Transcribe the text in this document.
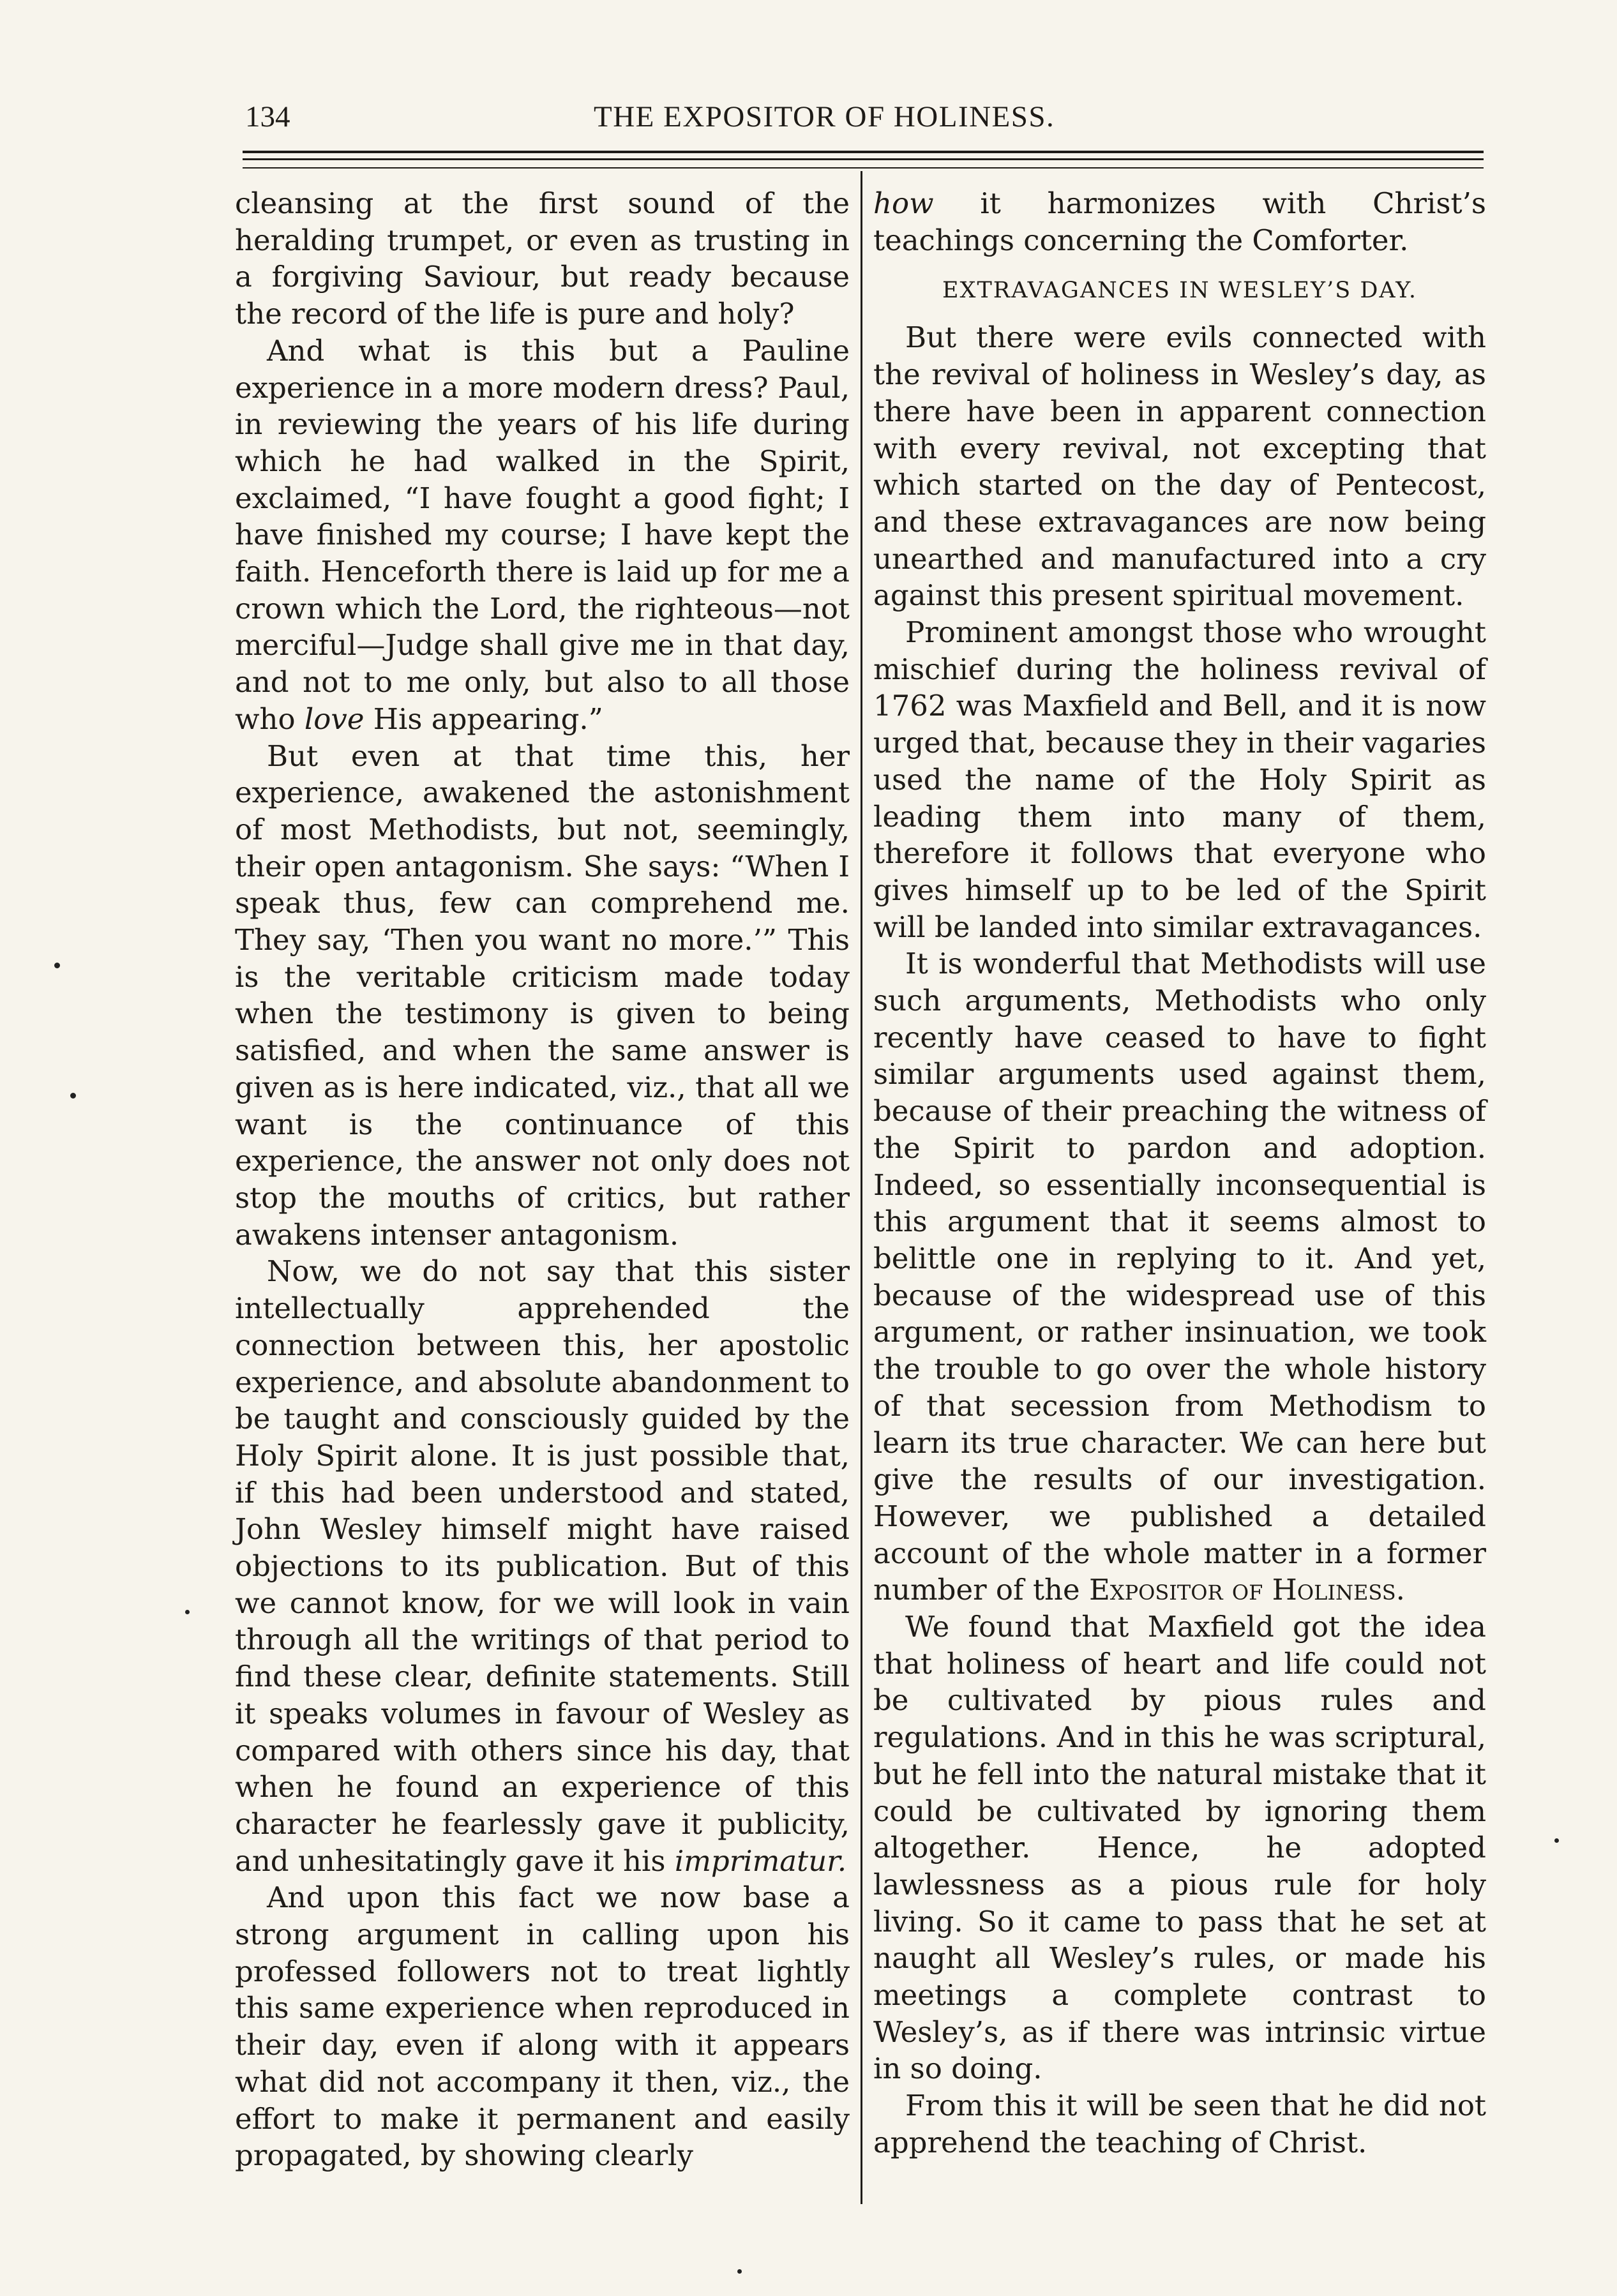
134	THE EXPOSITOR OF HOLINESS.

cleansing at the first sound of the heralding trumpet, or even as trusting in a forgiving Saviour, but ready because the record of the life is pure and holy?

And what is this but a Pauline experience in a more modern dress? Paul, in reviewing the years of his life during which he had walked in the Spirit, exclaimed, “I have fought a good fight; I have finished my course; I have kept the faith. Henceforth there is laid up for me a crown which the Lord, the righteous—not merciful—Judge shall give me in that day, and not to me only, but also to all those who love His appearing.”

But even at that time this, her experience, awakened the astonishment of most Methodists, but not, seemingly, their open antagonism. She says: “When I speak thus, few can comprehend me. They say, ‘Then you want no more.’” This is the veritable criticism made today when the testimony is given to being satisfied, and when the same answer is given as is here indicated, viz., that all we want is the continuance of this experience, the answer not only does not stop the mouths of critics, but rather awakens intenser antagonism.

Now, we do not say that this sister intellectually apprehended the connection between this, her apostolic experience, and absolute abandonment to be taught and consciously guided by the Holy Spirit alone. It is just possible that, if this had been understood and stated, John Wesley himself might have raised objections to its publication. But of this we cannot know, for we will look in vain through all the writings of that period to find these clear, definite statements. Still it speaks volumes in favour of Wesley as compared with others since his day, that when he found an experience of this character he fearlessly gave it publicity, and unhesitatingly gave it his imprimatur.

And upon this fact we now base a strong argument in calling upon his professed followers not to treat lightly this same experience when reproduced in their day, even if along with it appears what did not accompany it then, viz., the effort to make it permanent and easily propagated, by showing clearly

how it harmonizes with Christ’s teachings concerning the Comforter.

EXTRAVAGANCES IN WESLEY’S DAY.

But there were evils connected with the revival of holiness in Wesley’s day, as there have been in apparent connection with every revival, not excepting that which started on the day of Pentecost, and these extravagances are now being unearthed and manufactured into a cry against this present spiritual movement.

Prominent amongst those who wrought mischief during the holiness revival of 1762 was Maxfield and Bell, and it is now urged that, because they in their vagaries used the name of the Holy Spirit as leading them into many of them, therefore it follows that everyone who gives himself up to be led of the Spirit will be landed into similar extravagances.

It is wonderful that Methodists will use such arguments, Methodists who only recently have ceased to have to fight similar arguments used against them, because of their preaching the witness of the Spirit to pardon and adoption. Indeed, so essentially inconsequential is this argument that it seems almost to belittle one in replying to it. And yet, because of the widespread use of this argument, or rather insinuation, we took the trouble to go over the whole history of that secession from Methodism to learn its true character. We can here but give the results of our investigation. However, we published a detailed account of the whole matter in a former number of the Expositor of Holiness.

We found that Maxfield got the idea that holiness of heart and life could not be cultivated by pious rules and regulations. And in this he was scriptural, but he fell into the natural mistake that it could be cultivated by ignoring them altogether. Hence, he adopted lawlessness as a pious rule for holy living. So it came to pass that he set at naught all Wesley’s rules, or made his meetings a complete contrast to Wesley’s, as if there was intrinsic virtue in so doing.

From this it will be seen that he did not apprehend the teaching of Christ.
